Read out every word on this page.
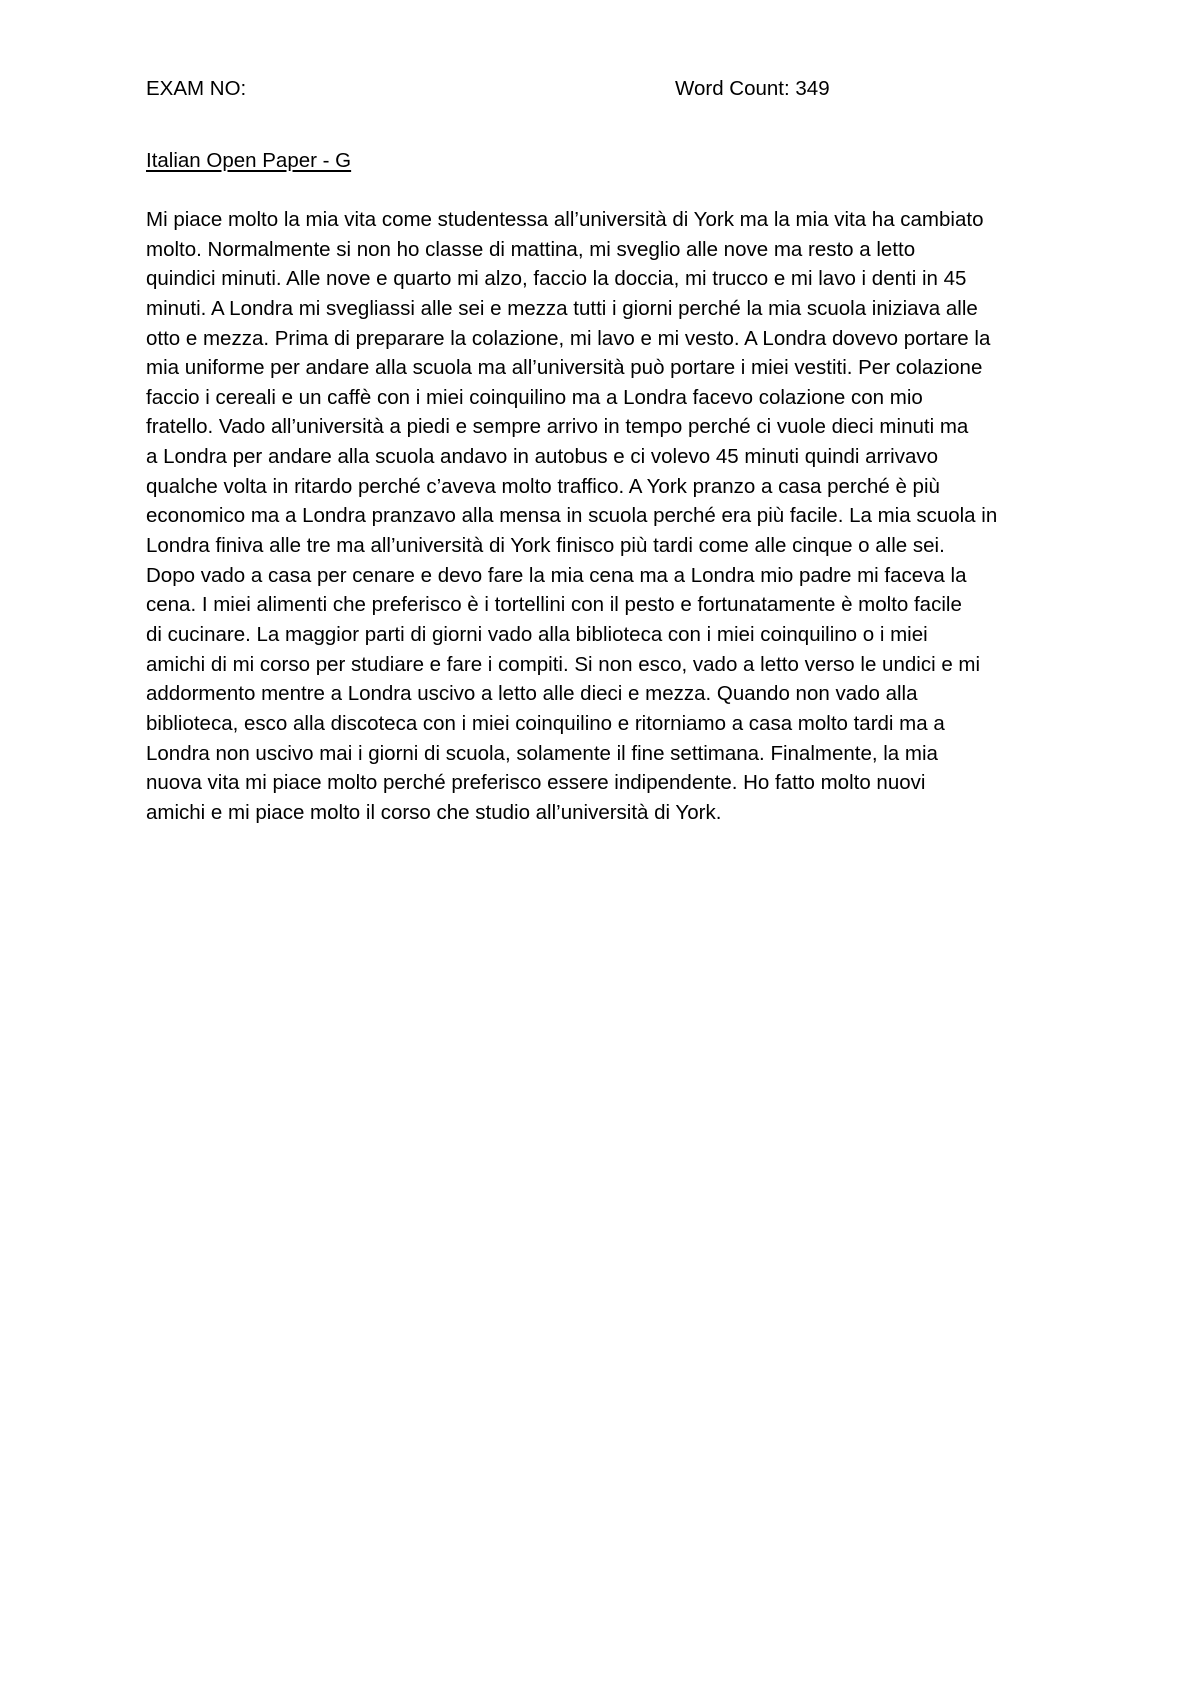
EXAM NO:	Word Count: 349
Italian Open Paper - G
Mi piace molto la mia vita come studentessa all’università di York ma la mia vita ha cambiato
molto. Normalmente si non ho classe di mattina, mi sveglio alle nove ma resto a letto
quindici minuti. Alle nove e quarto mi alzo, faccio la doccia, mi trucco e mi lavo i denti in 45
minuti. A Londra mi svegliassi alle sei e mezza tutti i giorni perché la mia scuola iniziava alle
otto e mezza. Prima di preparare la colazione, mi lavo e mi vesto. A Londra dovevo portare la
mia uniforme per andare alla scuola ma all’università può portare i miei vestiti. Per colazione
faccio i cereali e un caffè con i miei coinquilino ma a Londra facevo colazione con mio
fratello. Vado all’università a piedi e sempre arrivo in tempo perché ci vuole dieci minuti ma
a Londra per andare alla scuola andavo in autobus e ci volevo 45 minuti quindi arrivavo
qualche volta in ritardo perché c’aveva molto traffico. A York pranzo a casa perché è più
economico ma a Londra pranzavo alla mensa in scuola perché era più facile. La mia scuola in
Londra finiva alle tre ma all’università di York finisco più tardi come alle cinque o alle sei.
Dopo vado a casa per cenare e devo fare la mia cena ma a Londra mio padre mi faceva la
cena. I miei alimenti che preferisco è i tortellini con il pesto e fortunatamente è molto facile
di cucinare. La maggior parti di giorni vado alla biblioteca con i miei coinquilino o i miei
amichi di mi corso per studiare e fare i compiti. Si non esco, vado a letto verso le undici e mi
addormento mentre a Londra uscivo a letto alle dieci e mezza. Quando non vado alla
biblioteca, esco alla discoteca con i miei coinquilino e ritorniamo a casa molto tardi ma a
Londra non uscivo mai i giorni di scuola, solamente il fine settimana. Finalmente, la mia
nuova vita mi piace molto perché preferisco essere indipendente. Ho fatto molto nuovi
amichi e mi piace molto il corso che studio all’università di York.
